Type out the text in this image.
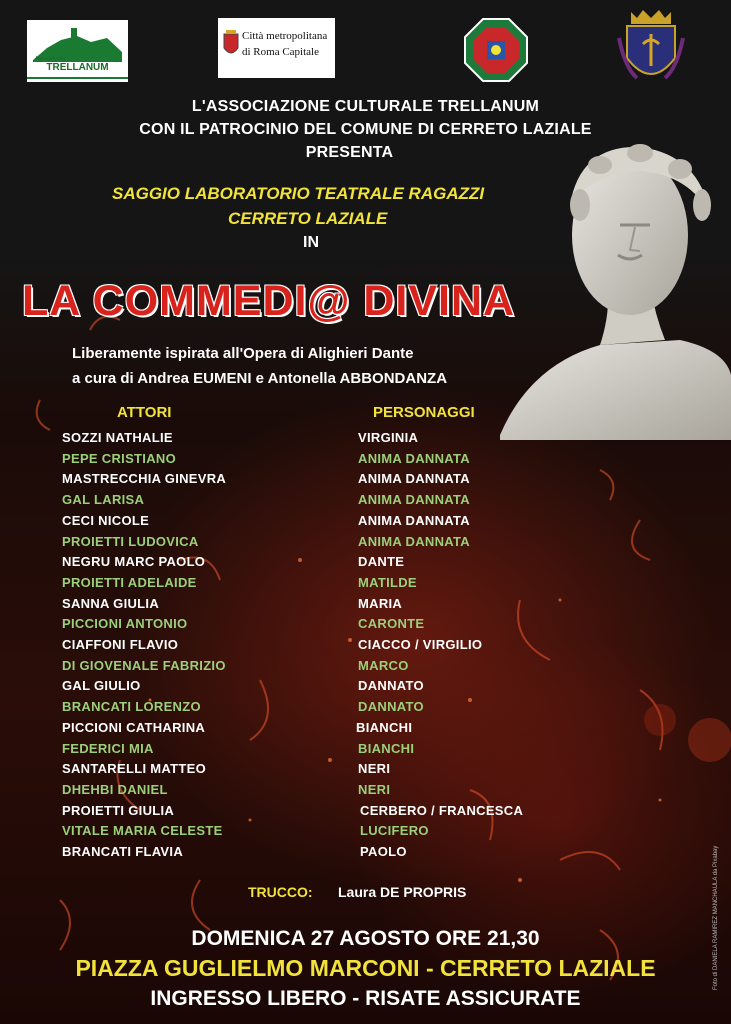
Ass. culturale
TRELLANUM
Città metropolitana
di Roma Capitale
L'ASSOCIAZIONE CULTURALE TRELLANUM
CON IL PATROCINIO DEL COMUNE DI CERRETO LAZIALE
PRESENTA
SAGGIO LABORATORIO TEATRALE RAGAZZI
CERRETO LAZIALE
IN
LA COMMEDI@ DIVINA
Liberamente ispirata all'Opera di Alighieri Dante
a cura di Andrea EUMENI e Antonella ABBONDANZA
ATTORI	PERSONAGGI
SOZZI NATHALIE	VIRGINIA
PEPE CRISTIANO	ANIMA DANNATA
MASTRECCHIA GINEVRA	ANIMA DANNATA
GAL LARISA	ANIMA DANNATA
CECI NICOLE	ANIMA DANNATA
PROIETTI LUDOVICA	ANIMA DANNATA
NEGRU MARC PAOLO	DANTE
PROIETTI ADELAIDE	MATILDE
SANNA GIULIA	MARIA
PICCIONI ANTONIO	CARONTE
CIAFFONI FLAVIO	CIACCO / VIRGILIO
DI GIOVENALE FABRIZIO	MARCO
GAL GIULIO	DANNATO
BRANCATI LORENZO	DANNATO
PICCIONI CATHARINA	BIANCHI
FEDERICI MIA	BIANCHI
SANTARELLI MATTEO	NERI
DHEHBI DANIEL	NERI
PROIETTI GIULIA	CERBERO / FRANCESCA
VITALE MARIA CELESTE	LUCIFERO
BRANCATI FLAVIA	PAOLO
TRUCCO: Laura DE PROPRIS
DOMENICA 27 AGOSTO ORE 21,30
PIAZZA GUGLIELMO MARCONI - CERRETO LAZIALE
INGRESSO LIBERO - RISATE ASSICURATE
Foto di DANIELA RAMIREZ MANCHAULA da Pixabay
